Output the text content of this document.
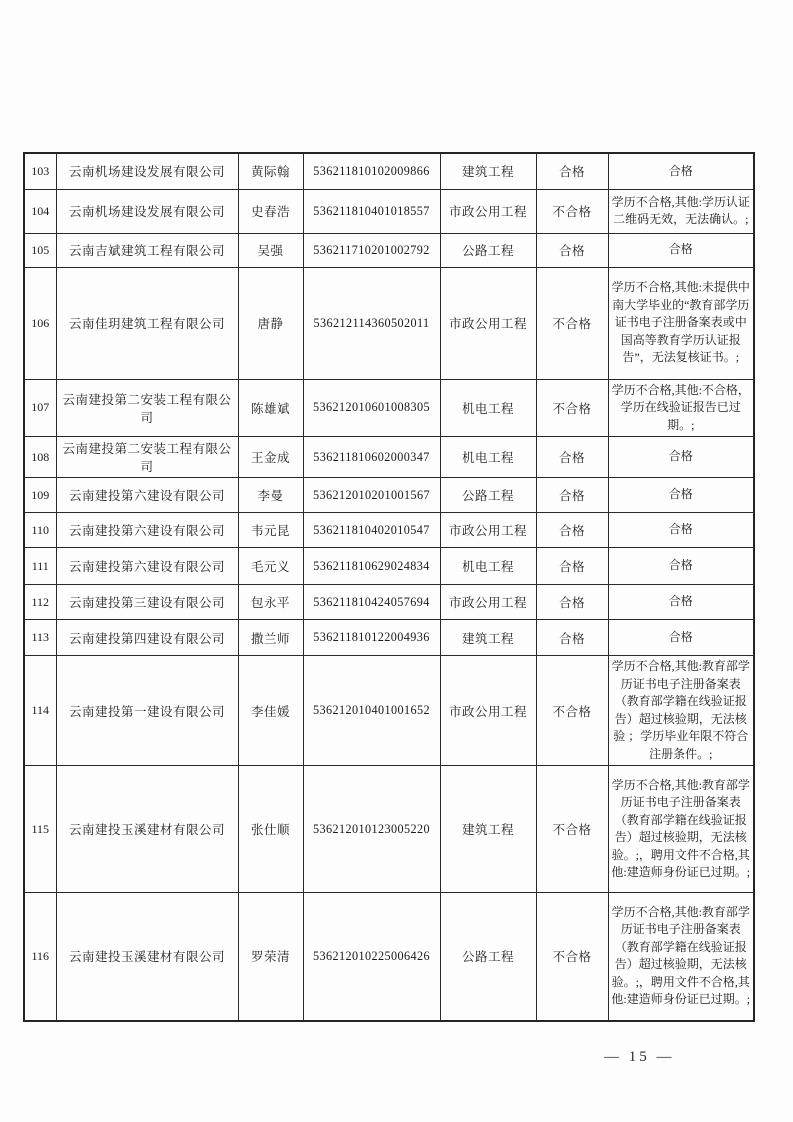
103	云南机场建设发展有限公司	黄际翰	536211810102009866	建筑工程	合格	合格
104	云南机场建设发展有限公司	史春浩	536211810401018557	市政公用工程	不合格	学历不合格,其他:学历认证二维码无效，无法确认。;
105	云南吉斌建筑工程有限公司	吴强	536211710201002792	公路工程	合格	合格
106	云南佳玥建筑工程有限公司	唐静	536212114360502011	市政公用工程	不合格	学历不合格,其他:未提供中南大学毕业的“教育部学历证书电子注册备案表或中国高等教育学历认证报告”，无法复核证书。;
107	云南建投第二安装工程有限公司	陈雄斌	536212010601008305	机电工程	不合格	学历不合格,其他:不合格，学历在线验证报告已过期。;
108	云南建投第二安装工程有限公司	王金成	536211810602000347	机电工程	合格	合格
109	云南建投第六建设有限公司	李曼	536212010201001567	公路工程	合格	合格
110	云南建投第六建设有限公司	韦元昆	536211810402010547	市政公用工程	合格	合格
111	云南建投第六建设有限公司	毛元义	536211810629024834	机电工程	合格	合格
112	云南建投第三建设有限公司	包永平	536211810424057694	市政公用工程	合格	合格
113	云南建投第四建设有限公司	撒兰师	536211810122004936	建筑工程	合格	合格
114	云南建投第一建设有限公司	李佳媛	536212010401001652	市政公用工程	不合格	学历不合格,其他:教育部学历证书电子注册备案表（教育部学籍在线验证报告）超过核验期，无法核验 ；学历毕业年限不符合注册条件。;
115	云南建投玉溪建材有限公司	张仕顺	536212010123005220	建筑工程	不合格	学历不合格,其他:教育部学历证书电子注册备案表（教育部学籍在线验证报告）超过核验期，无法核验。;，聘用文件不合格,其他:建造师身份证已过期。;
116	云南建投玉溪建材有限公司	罗荣清	536212010225006426	公路工程	不合格	学历不合格,其他:教育部学历证书电子注册备案表（教育部学籍在线验证报告）超过核验期，无法核验。;，聘用文件不合格,其他:建造师身份证已过期。;
— 15 —
